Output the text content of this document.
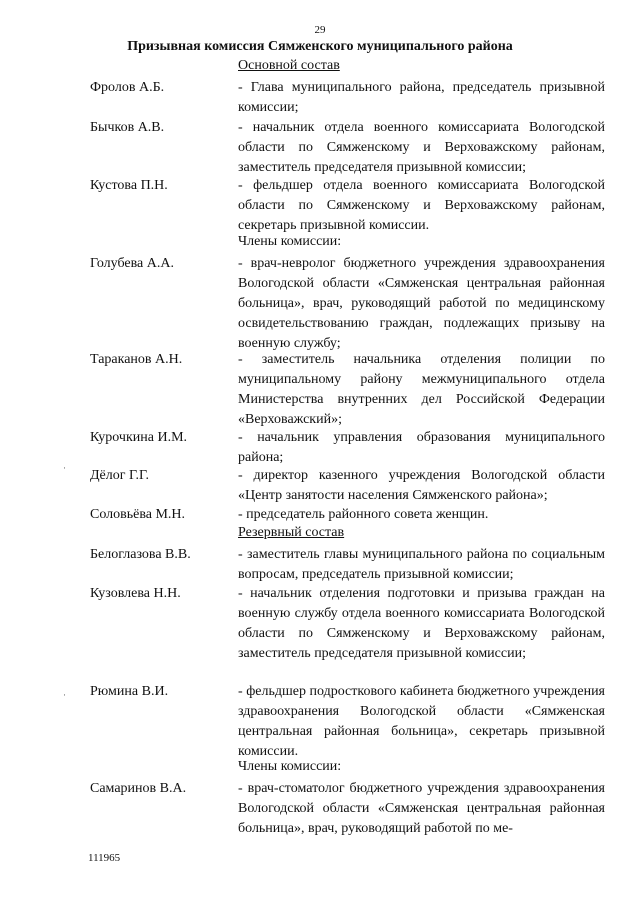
29
Призывная комиссия Сямженского муниципального района
Основной состав
Фролов А.Б.	- Глава муниципального района, председатель призывной комиссии;
Бычков А.В.	- начальник отдела военного комиссариата Вологодской области по Сямженскому и Верховажскому районам, заместитель председателя призывной комиссии;
Кустова П.Н.	- фельдшер отдела военного комиссариата Вологодской области по Сямженскому и Верховажскому районам, секретарь призывной комиссии.
Члены комиссии:
Голубева А.А.	- врач-невролог бюджетного учреждения здравоохранения Вологодской области «Сямженская центральная районная больница», врач, руководящий работой по медицинскому освидетельствованию граждан, подлежащих призыву на военную службу;
Тараканов А.Н.	- заместитель начальника отделения полиции по муниципальному району межмуниципального отдела Министерства внутренних дел Российской Федерации «Верховажский»;
Курочкина И.М.	- начальник управления образования муниципального района;
Дёлог Г.Г.	- директор казенного учреждения Вологодской области «Центр занятости населения Сямженского района»;
Соловьёва М.Н.	- председатель районного совета женщин.
Резервный состав
Белоглазова В.В.	- заместитель главы муниципального района по социальным вопросам, председатель призывной комиссии;
Кузовлева Н.Н.	- начальник отделения подготовки и призыва граждан на военную службу отдела военного комиссариата Вологодской области по Сямженскому и Верховажскому районам, заместитель председателя призывной комиссии;
Рюмина В.И.	- фельдшер подросткового кабинета бюджетного учреждения здравоохранения Вологодской области «Сямженская центральная районная больница», секретарь призывной комиссии.
Члены комиссии:
Самаринов В.А.	- врач-стоматолог бюджетного учреждения здравоохранения Вологодской области «Сямженская центральная районная больница», врач, руководящий работой по ме-
·
·
111965
